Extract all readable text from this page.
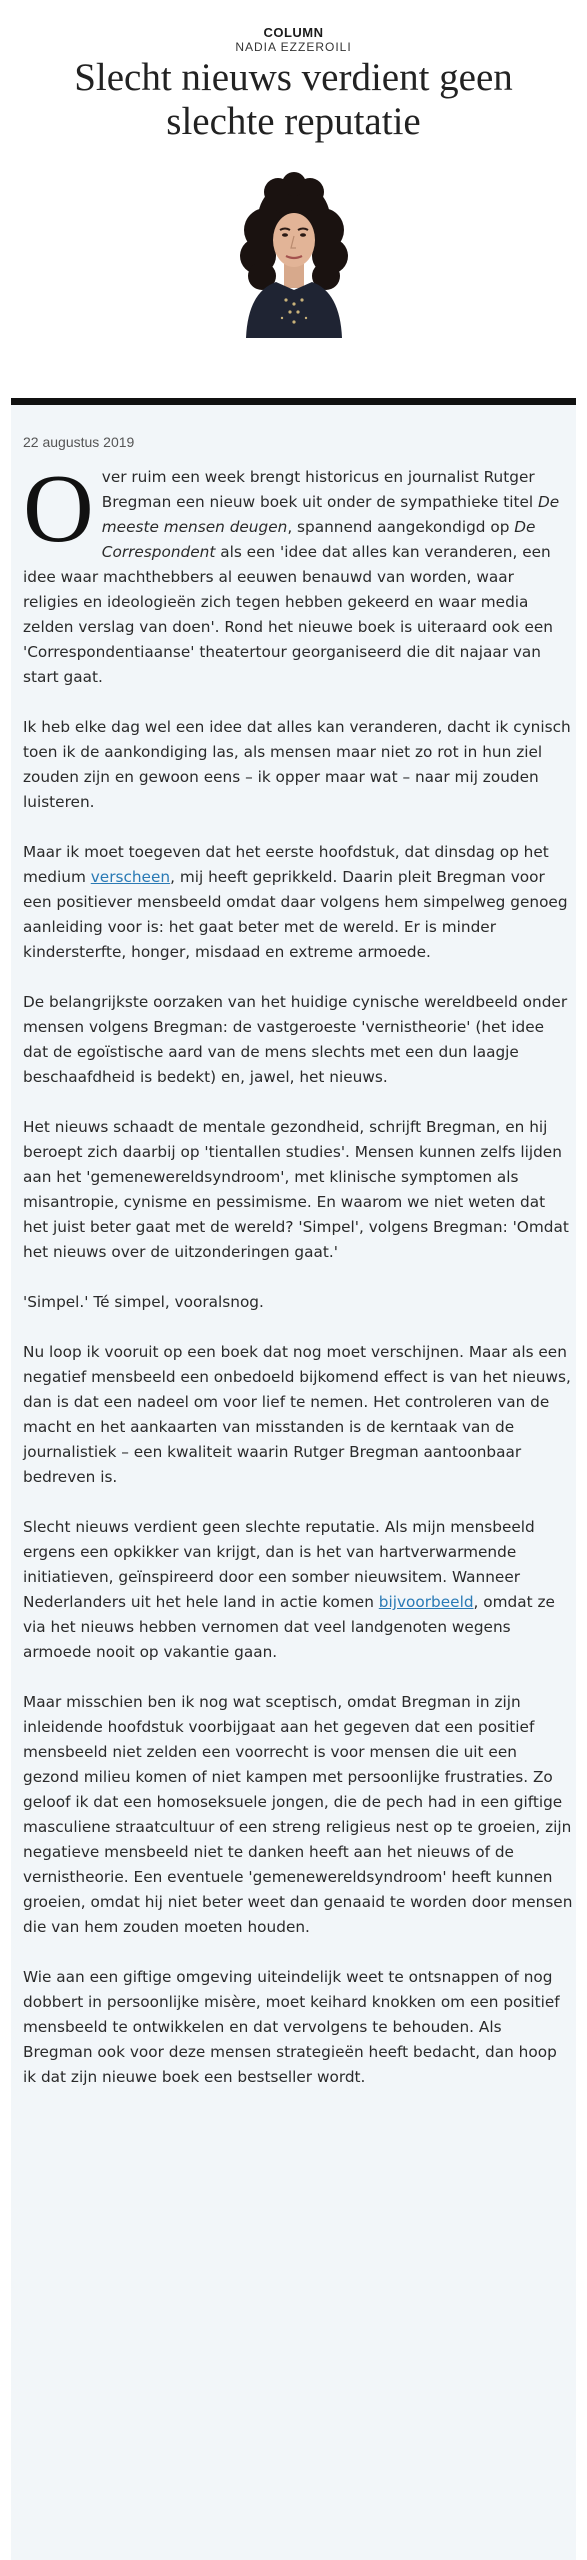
COLUMN
NADIA EZZEROILI
Slecht nieuws verdient geen slechte reputatie
22 augustus 2019

Over ruim een week brengt historicus en journalist Rutger Bregman een nieuw boek uit onder de sympathieke titel De meeste mensen deugen, spannend aangekondigd op De Correspondent als een 'idee dat alles kan veranderen, een idee waar machthebbers al eeuwen benauwd van worden, waar religies en ideologieën zich tegen hebben gekeerd en waar media zelden verslag van doen'. Rond het nieuwe boek is uiteraard ook een 'Correspondentiaanse' theatertour georganiseerd die dit najaar van start gaat.

Ik heb elke dag wel een idee dat alles kan veranderen, dacht ik cynisch toen ik de aankondiging las, als mensen maar niet zo rot in hun ziel zouden zijn en gewoon eens – ik opper maar wat – naar mij zouden luisteren.

Maar ik moet toegeven dat het eerste hoofdstuk, dat dinsdag op het medium verscheen, mij heeft geprikkeld. Daarin pleit Bregman voor een positiever mensbeeld omdat daar volgens hem simpelweg genoeg aanleiding voor is: het gaat beter met de wereld. Er is minder kindersterfte, honger, misdaad en extreme armoede.

De belangrijkste oorzaken van het huidige cynische wereldbeeld onder mensen volgens Bregman: de vastgeroeste 'vernistheorie' (het idee dat de egoïstische aard van de mens slechts met een dun laagje beschaafdheid is bedekt) en, jawel, het nieuws.

Het nieuws schaadt de mentale gezondheid, schrijft Bregman, en hij beroept zich daarbij op 'tientallen studies'. Mensen kunnen zelfs lijden aan het 'gemenewereldsyndroom', met klinische symptomen als misantropie, cynisme en pessimisme. En waarom we niet weten dat het juist beter gaat met de wereld? 'Simpel', volgens Bregman: 'Omdat het nieuws over de uitzonderingen gaat.'

'Simpel.' Té simpel, vooralsnog.

Nu loop ik vooruit op een boek dat nog moet verschijnen. Maar als een negatief mensbeeld een onbedoeld bijkomend effect is van het nieuws, dan is dat een nadeel om voor lief te nemen. Het controleren van de macht en het aankaarten van misstanden is de kerntaak van de journalistiek – een kwaliteit waarin Rutger Bregman aantoonbaar bedreven is.

Slecht nieuws verdient geen slechte reputatie. Als mijn mensbeeld ergens een opkikker van krijgt, dan is het van hartverwarmende initiatieven, geïnspireerd door een somber nieuwsitem. Wanneer Nederlanders uit het hele land in actie komen bijvoorbeeld, omdat ze via het nieuws hebben vernomen dat veel landgenoten wegens armoede nooit op vakantie gaan.

Maar misschien ben ik nog wat sceptisch, omdat Bregman in zijn inleidende hoofdstuk voorbijgaat aan het gegeven dat een positief mensbeeld niet zelden een voorrecht is voor mensen die uit een gezond milieu komen of niet kampen met persoonlijke frustraties. Zo geloof ik dat een homoseksuele jongen, die de pech had in een giftige masculiene straatcultuur of een streng religieus nest op te groeien, zijn negatieve mensbeeld niet te danken heeft aan het nieuws of de vernistheorie. Een eventuele 'gemenewereldsyndroom' heeft kunnen groeien, omdat hij niet beter weet dan genaaid te worden door mensen die van hem zouden moeten houden.

Wie aan een giftige omgeving uiteindelijk weet te ontsnappen of nog dobbert in persoonlijke misère, moet keihard knokken om een positief mensbeeld te ontwikkelen en dat vervolgens te behouden. Als Bregman ook voor deze mensen strategieën heeft bedacht, dan hoop ik dat zijn nieuwe boek een bestseller wordt.
